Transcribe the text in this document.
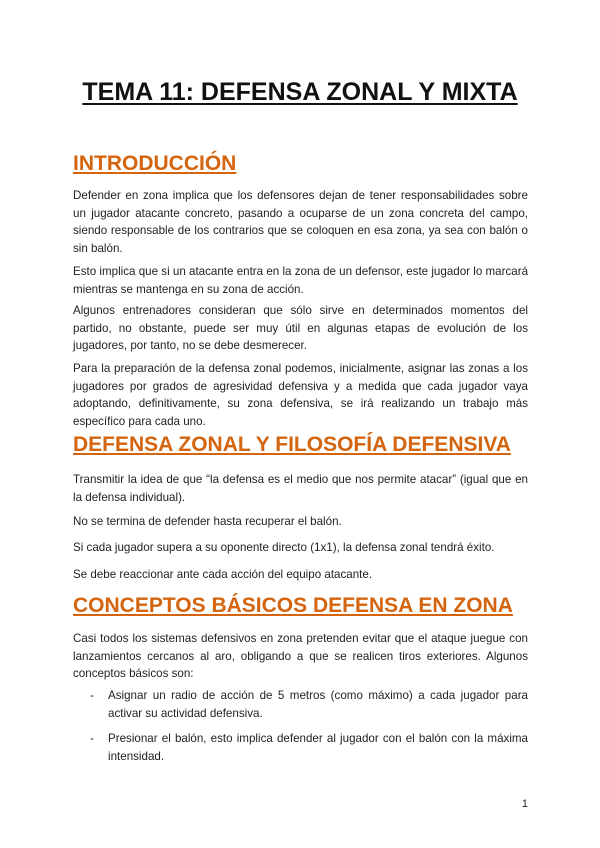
TEMA 11: DEFENSA ZONAL Y MIXTA
INTRODUCCIÓN

Defender en zona implica que los defensores dejan de tener responsabilidades sobre un jugador atacante concreto, pasando a ocuparse de un zona concreta del campo, siendo responsable de los contrarios que se coloquen en esa zona, ya sea con balón o sin balón.

Esto implica que si un atacante entra en la zona de un defensor, este jugador lo marcará mientras se mantenga en su zona de acción.

Algunos entrenadores consideran que sólo sirve en determinados momentos del partido, no obstante, puede ser muy útil en algunas etapas de evolución de los jugadores, por tanto, no se debe desmerecer.

Para la preparación de la defensa zonal podemos, inicialmente, asignar las zonas a los jugadores por grados de agresividad defensiva y a medida que cada jugador vaya adoptando, definitivamente, su zona defensiva, se irá realizando un trabajo más específico para cada uno.

DEFENSA ZONAL Y FILOSOFÍA DEFENSIVA

Transmitir la idea de que “la defensa es el medio que nos permite atacar” (igual que en la defensa individual).

No se termina de defender hasta recuperar el balón.

Si cada jugador supera a su oponente directo (1x1), la defensa zonal tendrá éxito.

Se debe reaccionar ante cada acción del equipo atacante.

CONCEPTOS BÁSICOS DEFENSA EN ZONA

Casi todos los sistemas defensivos en zona pretenden evitar que el ataque juegue con lanzamientos cercanos al aro, obligando a que se realicen tiros exteriores. Algunos conceptos básicos son:

- Asignar un radio de acción de 5 metros (como máximo) a cada jugador para activar su actividad defensiva.
- Presionar el balón, esto implica defender al jugador con el balón con la máxima intensidad.
1
